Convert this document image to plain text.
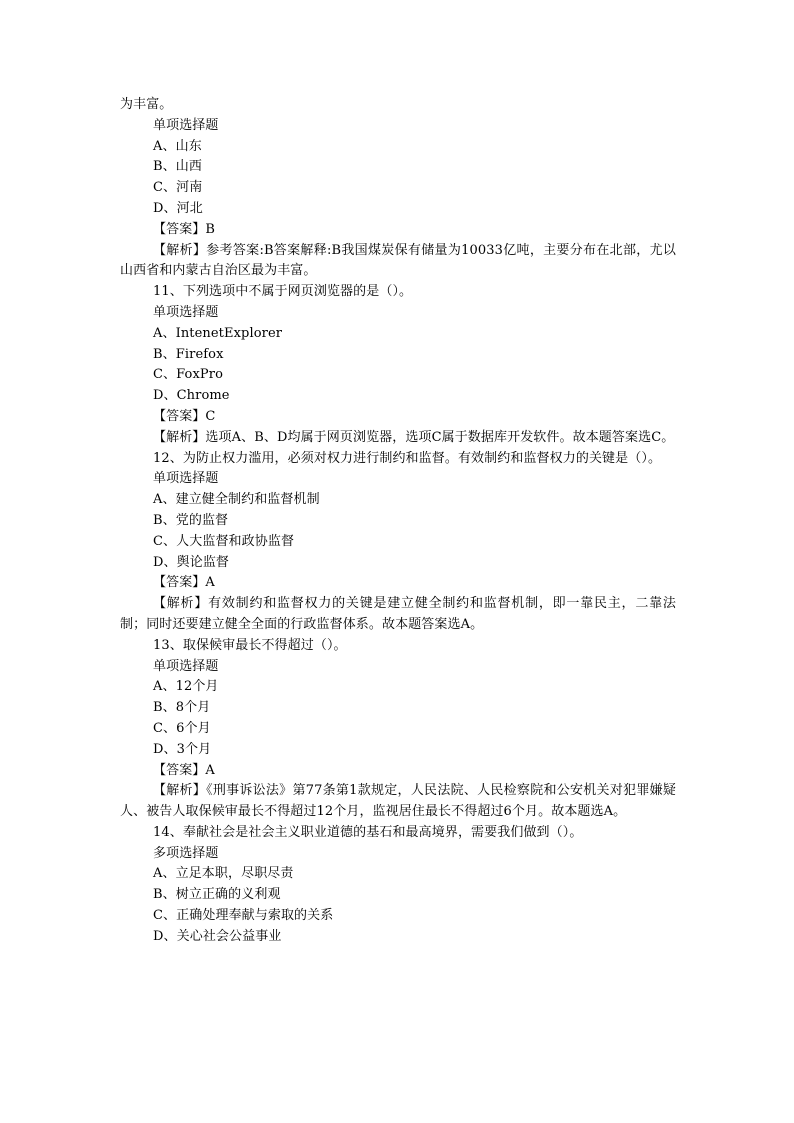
为丰富。
单项选择题
A、山东
B、山西
C、河南
D、河北
【答案】B
【解析】参考答案:B答案解释:B我国煤炭保有储量为10033亿吨，主要分布在北部，尤以山西省和内蒙古自治区最为丰富。
11、下列选项中不属于网页浏览器的是（）。
单项选择题
A、IntenetExplorer
B、Firefox
C、FoxPro
D、Chrome
【答案】C
【解析】选项A、B、D均属于网页浏览器，选项C属于数据库开发软件。故本题答案选C。
12、为防止权力滥用，必须对权力进行制约和监督。有效制约和监督权力的关键是（）。
单项选择题
A、建立健全制约和监督机制
B、党的监督
C、人大监督和政协监督
D、舆论监督
【答案】A
【解析】有效制约和监督权力的关键是建立健全制约和监督机制，即一靠民主，二靠法制；同时还要建立健全全面的行政监督体系。故本题答案选A。
13、取保候审最长不得超过（）。
单项选择题
A、12个月
B、8个月
C、6个月
D、3个月
【答案】A
【解析】《刑事诉讼法》第77条第1款规定，人民法院、人民检察院和公安机关对犯罪嫌疑人、被告人取保候审最长不得超过12个月，监视居住最长不得超过6个月。故本题选A。
14、奉献社会是社会主义职业道德的基石和最高境界，需要我们做到（）。
多项选择题
A、立足本职，尽职尽责
B、树立正确的义利观
C、正确处理奉献与索取的关系
D、关心社会公益事业
